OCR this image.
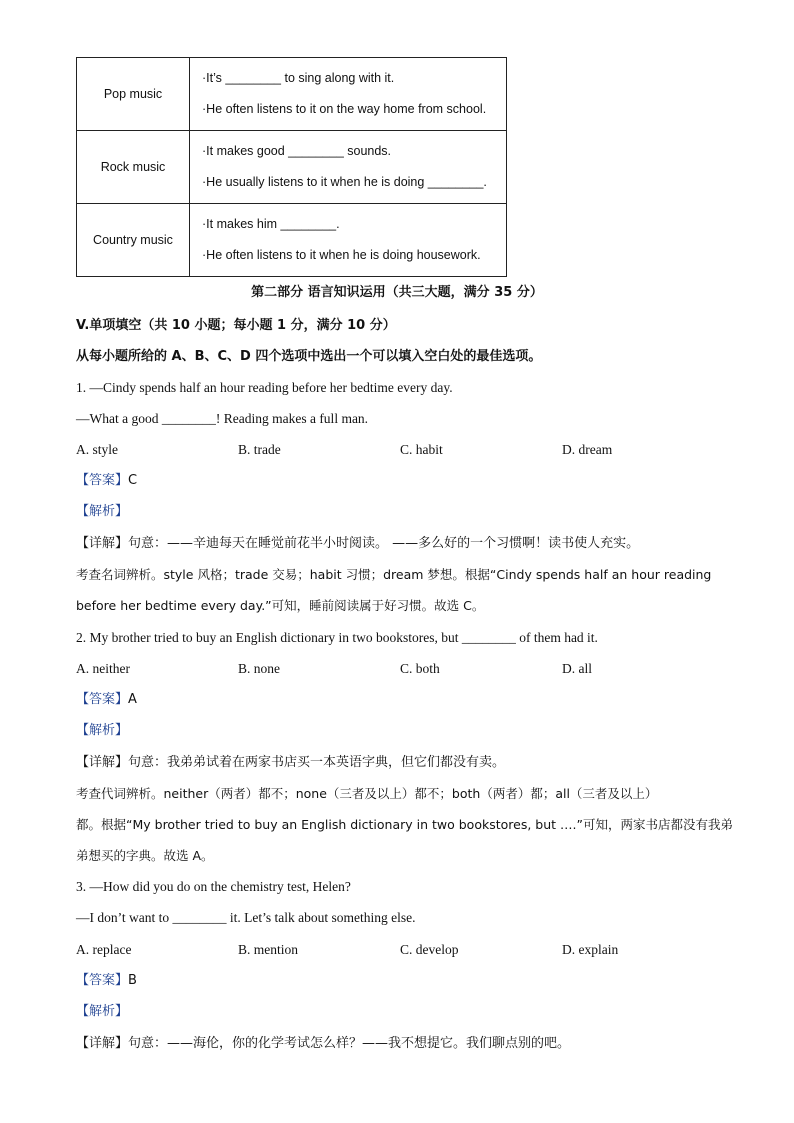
Pop music	·It’s ________ to sing along with it.
·He often listens to it on the way home from school.

Rock music	·It makes good ________ sounds.
·He usually listens to it when he is doing ________.

Country music	·It makes him ________.
·He often listens to it when he is doing housework.
第二部分 语言知识运用（共三大题，满分 35 分）
V.单项填空（共 10 小题；每小题 1 分，满分 10 分）
从每小题所给的 A、B、C、D 四个选项中选出一个可以填入空白处的最佳选项。
1. —Cindy spends half an hour reading before her bedtime every day.
—What a good ________! Reading makes a full man.
A. style	B. trade	C. habit	D. dream
【答案】C
【解析】
【详解】句意：——辛迪每天在睡觉前花半小时阅读。 ——多么好的一个习惯啊！读书使人充实。
考查名词辨析。style 风格；trade 交易；habit 习惯；dream 梦想。根据“Cindy spends half an hour reading
before her bedtime every day.”可知，睡前阅读属于好习惯。故选 C。
2. My brother tried to buy an English dictionary in two bookstores, but ________ of them had it.
A. neither	B. none	C. both	D. all
【答案】A
【解析】
【详解】句意：我弟弟试着在两家书店买一本英语字典，但它们都没有卖。
考查代词辨析。neither（两者）都不；none（三者及以上）都不；both（两者）都；all（三者及以上）
都。根据“My brother tried to buy an English dictionary in two bookstores, but ….”可知，两家书店都没有我弟
弟想买的字典。故选 A。
3. —How did you do on the chemistry test, Helen?
—I don’t want to ________ it. Let’s talk about something else.
A. replace	B. mention	C. develop	D. explain
【答案】B
【解析】
【详解】句意：——海伦，你的化学考试怎么样？——我不想提它。我们聊点别的吧。
